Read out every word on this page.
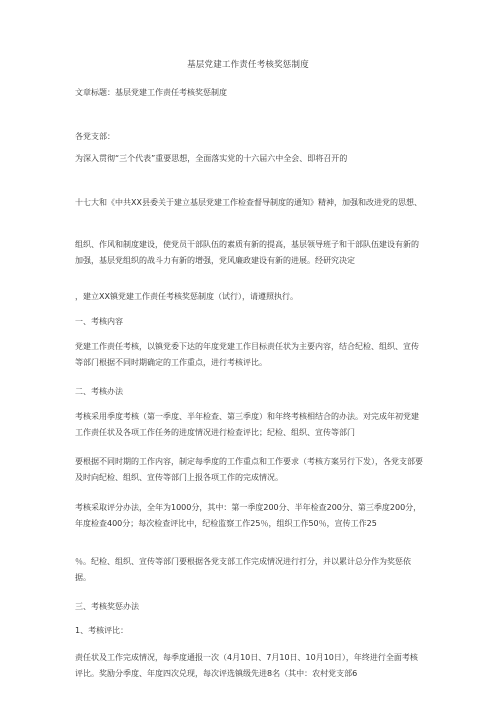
基层党建工作责任考核奖惩制度

文章标题：基层党建工作责任考核奖惩制度

各党支部：

为深入贯彻“三个代表”重要思想，全面落实党的十六届六中全会、即将召开的

十七大和《中共XX县委关于建立基层党建工作检查督导制度的通知》精神，加强和改进党的思想、

组织、作风和制度建设，使党员干部队伍的素质有新的提高，基层领导班子和干部队伍建设有新的加强，基层党组织的战斗力有新的增强，党风廉政建设有新的进展。经研究决定

，建立XX镇党建工作责任考核奖惩制度（试行），请遵照执行。

一、考核内容

党建工作责任考核，以镇党委下达的年度党建工作目标责任状为主要内容，结合纪检、组织、宣传等部门根据不同时期确定的工作重点，进行考核评比。

二、考核办法

考核采用季度考核（第一季度、半年检查、第三季度）和年终考核相结合的办法。对完成年初党建工作责任状及各项工作任务的进度情况进行检查评比；纪检、组织、宣传等部门

要根据不同时期的工作内容，制定每季度的工作重点和工作要求（考核方案另行下发），各党支部要及时向纪检、组织、宣传等部门上报各项工作的完成情况。

考核采取评分办法，全年为1000分，其中：第一季度200分、半年检查200分、第三季度200分，年度检查400分；每次检查评比中，纪检监察工作25％，组织工作50％，宣传工作25

％。纪检、组织、宣传等部门要根据各党支部工作完成情况进行打分，并以累计总分作为奖惩依据。

三、考核奖惩办法

1、考核评比：

责任状及工作完成情况，每季度通报一次（4月10日、7月10日、10月10日），年终进行全面考核评比。奖励分季度、年度四次兑现，每次评选镇级先进8名（其中：农村党支部6
